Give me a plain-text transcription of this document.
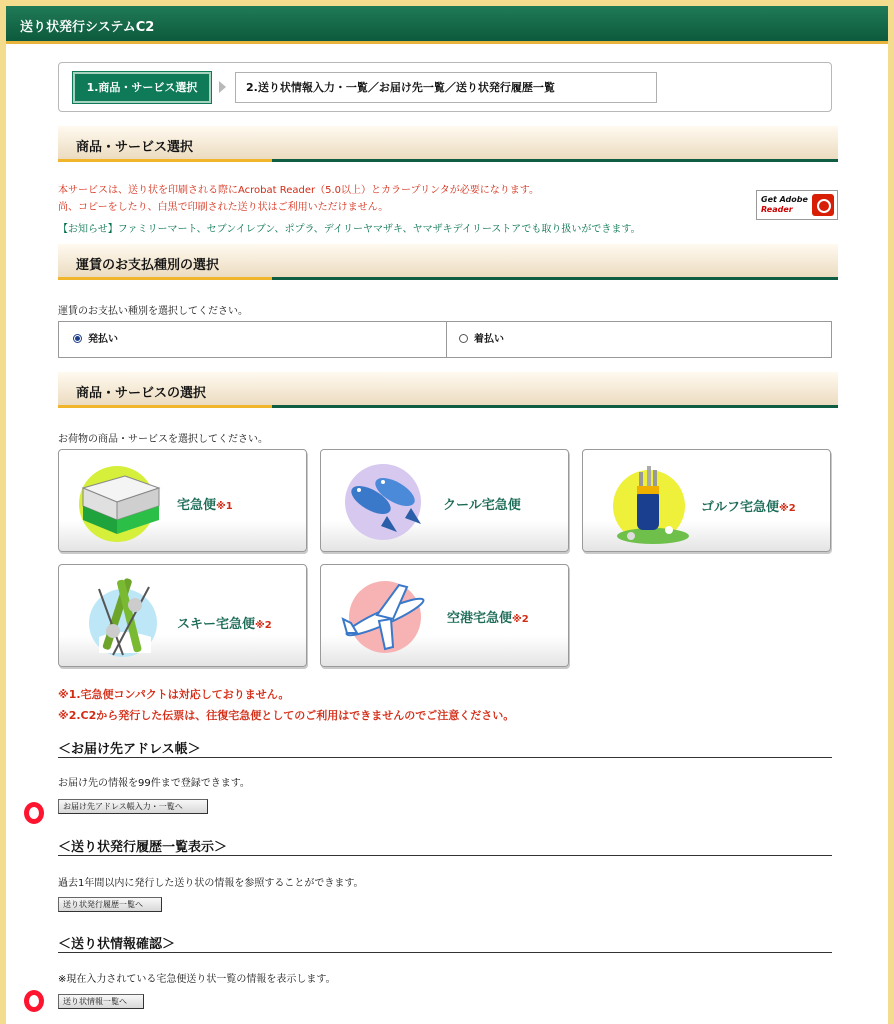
送り状発行システムC2
1.商品・サービス選択	2.送り状情報入力・一覧／お届け先一覧／送り状発行履歴一覧
商品・サービス選択
本サービスは、送り状を印刷される際にAcrobat Reader（5.0以上）とカラープリンタが必要になります。
尚、コピーをしたり、白黒で印刷された送り状はご利用いただけません。
【お知らせ】ファミリーマート、セブンイレブン、ポプラ、デイリーヤマザキ、ヤマザキデイリーストアでも取り扱いができます。
Get Adobe
Reader
運賃のお支払種別の選択
運賃のお支払い種別を選択してください。
発払い	着払い
商品・サービスの選択
お荷物の商品・サービスを選択してください。
宅急便※1	クール宅急便	ゴルフ宅急便※2
スキー宅急便※2	空港宅急便※2
※1.宅急便コンパクトは対応しておりません。
※2.C2から発行した伝票は、往復宅急便としてのご利用はできませんのでご注意ください。
＜お届け先アドレス帳＞
お届け先の情報を99件まで登録できます。
お届け先アドレス帳入力・一覧へ
＜送り状発行履歴一覧表示＞
過去1年間以内に発行した送り状の情報を参照することができます。
送り状発行履歴一覧へ
＜送り状情報確認＞
※現在入力されている宅急便送り状一覧の情報を表示します。
送り状情報一覧へ
